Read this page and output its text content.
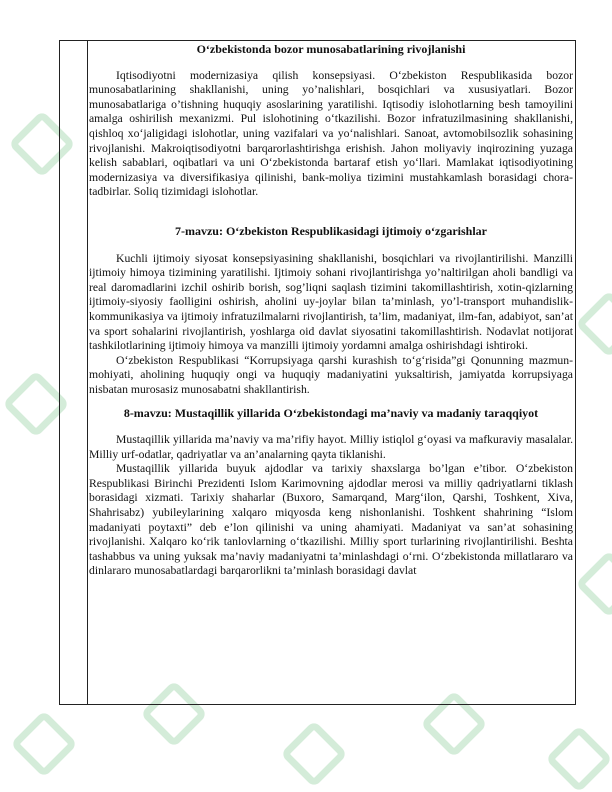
O‘zbekistonda bozor munosabatlarining rivojlanishi

Iqtisodiyotni modernizasiya qilish konsepsiyasi. O‘zbekiston Respublikasida bozor munosabatlarining shakllanishi, uning yo’nalishlari, bosqichlari va xususiyatlari. Bozor munosabatlariga o’tishning huquqiy asoslarining yaratilishi. Iqtisodiy islohotlarning besh tamoyilini amalga oshirilish mexanizmi. Pul islohotining o‘tkazilishi. Bozor infratuzilmasining shakllanishi, qishloq xo‘jaligidagi islohotlar, uning vazifalari va yo‘nalishlari. Sanoat, avtomobilsozlik sohasining rivojlanishi. Makroiqtisodiyotni barqarorlashtirishga erishish. Jahon moliyaviy inqirozining yuzaga kelish sabablari, oqibatlari va uni O‘zbekistonda bartaraf etish yo‘llari. Mamlakat iqtisodiyotining modernizasiya va diversifikasiya qilinishi, bank-moliya tizimini mustahkamlash borasidagi chora-tadbirlar. Soliq tizimidagi islohotlar.

7-mavzu: O‘zbekiston Respublikasidagi ijtimoiy o‘zgarishlar

Kuchli ijtimoiy siyosat konsepsiyasining shakllanishi, bosqichlari va rivojlantirilishi. Manzilli ijtimoiy himoya tizimining yaratilishi. Ijtimoiy sohani rivojlantirishga yo’naltirilgan aholi bandligi va real daromadlarini izchil oshirib borish, sog’liqni saqlash tizimini takomillashtirish, xotin-qizlarning ijtimoiy-siyosiy faolligini oshirish, aholini uy-joylar bilan ta’minlash, yo’l-transport muhandislik-kommunikasiya va ijtimoiy infratuzilmalarni rivojlantirish, ta’lim, madaniyat, ilm-fan, adabiyot, san’at va sport sohalarini rivojlantirish, yoshlarga oid davlat siyosatini takomillashtirish. Nodavlat notijorat tashkilotlarining ijtimoiy himoya va manzilli ijtimoiy yordamni amalga oshirishdagi ishtiroki.

O‘zbekiston Respublikasi “Korrupsiyaga qarshi kurashish to‘g‘risida”gi Qonunning mazmun-mohiyati, aholining huquqiy ongi va huquqiy madaniyatini yuksaltirish, jamiyatda korrupsiyaga nisbatan murosasiz munosabatni shakllantirish.

8-mavzu: Mustaqillik yillarida O‘zbekistondagi ma’naviy va madaniy taraqqiyot

Mustaqillik yillarida ma’naviy va ma’rifiy hayot. Milliy istiqlol g‘oyasi va mafkuraviy masalalar. Milliy urf-odatlar, qadriyatlar va an’analarning qayta tiklanishi.

Mustaqillik yillarida buyuk ajdodlar va tarixiy shaxslarga bo’lgan e’tibor. O‘zbekiston Respublikasi Birinchi Prezidenti Islom Karimovning ajdodlar merosi va milliy qadriyatlarni tiklash borasidagi xizmati. Tarixiy shaharlar (Buxoro, Samarqand, Marg‘ilon, Qarshi, Toshkent, Xiva, Shahrisabz) yubileylarining xalqaro miqyosda keng nishonlanishi. Toshkent shahrining “Islom madaniyati poytaxti” deb e’lon qilinishi va uning ahamiyati. Madaniyat va san’at sohasining rivojlanishi. Xalqaro ko‘rik tanlovlarning o‘tkazilishi. Milliy sport turlarining rivojlantirilishi. Beshta tashabbus va uning yuksak ma’naviy madaniyatni ta’minlashdagi o‘rni. O‘zbekistonda millatlararo va dinlararo munosabatlardagi barqarorlikni ta’minlash borasidagi davlat
